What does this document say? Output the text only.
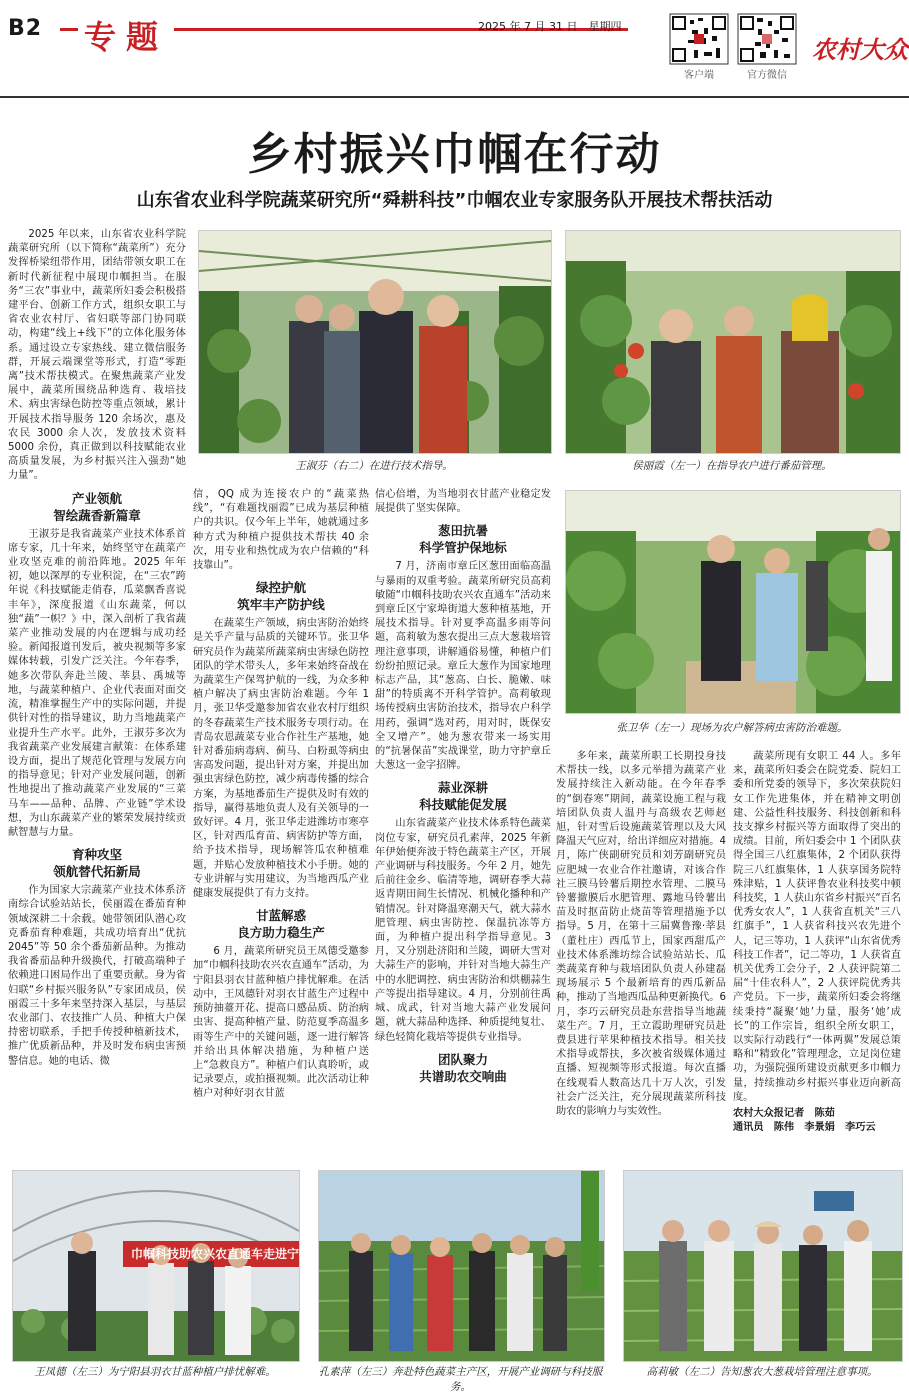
B2 专题	2025 年 7 月 31 日　星期四
客户端	官方微信
农村大众
乡村振兴巾帼在行动
山东省农业科学院蔬菜研究所“舜耕科技”巾帼农业专家服务队开展技术帮扶活动
王淑芬（右二）在进行技术指导。	侯丽霞（左一）在指导农户进行番茄管理。
张卫华（左一）现场为农户解答病虫害防治难题。

2025 年以来，山东省农业科学院蔬菜研究所（以下简称“蔬菜所”）充分发挥桥梁纽带作用，团结带领女职工在新时代新征程中展现巾帼担当。在服务“三农”事业中，蔬菜所妇委会积极搭建平台、创新工作方式，组织女职工与省农业农村厅、省妇联等部门协同联动，构建“线上+线下”的立体化服务体系。通过设立专家热线、建立微信服务群，开展云端课堂等形式，打造“零距离”技术帮扶模式。在聚焦蔬菜产业发展中，蔬菜所围绕品种选育、栽培技术、病虫害绿色防控等重点领域，累计开展技术指导服务 120 余场次，惠及农民 3000 余人次，发放技术资料 5000 余份，真正做到以科技赋能农业高质量发展，为乡村振兴注入强劲“她力量”。

产业领航
智绘蔬香新篇章

王淑芬是我省蔬菜产业技术体系首席专家，几十年来，始终坚守在蔬菜产业攻坚克难的前沿阵地。2025 年年初，她以深厚的专业积淀，在“三农”跨年说《科技赋能走俏春，瓜菜飘香喜说丰年》，深度报道《山东蔬菜，何以独“蔬”一帜？》中，深入剖析了我省蔬菜产业推动发展的内在逻辑与成功经验。新闻报道刊发后，被央视频等多家媒体转载，引发广泛关注。今年春季，她多次带队奔赴兰陵、莘县、禹城等地，与蔬菜种植户、企业代表面对面交流，精准掌握生产中的实际问题，并提供针对性的指导建议，助力当地蔬菜产业提升生产水平。此外，王淑芬多次为我省蔬菜产业发展建言献策：在体系建设方面，提出了规范化管理与发展方向的指导意见；针对产业发展问题，创新性地提出了推动蔬菜产业发展的“三菜马车——品种、品牌、产业链”学术设想，为山东蔬菜产业的繁荣发展持续贡献智慧与力量。

育种攻坚
领航替代拓新局

作为国家大宗蔬菜产业技术体系济南综合试验站站长，侯丽霞在番茄育种领域深耕二十余载。她带领团队潜心攻克番茄育种难题，共成功培育出“优抗 2045”等 50 余个番茄新品种。为推动我省番茄品种升级换代，打破高端种子依赖进口困局作出了重要贡献。身为省妇联“乡村振兴服务队”专家团成员，侯丽霞三十多年来坚持深入基层，与基层农业部门、农技推广人员、种植大户保持密切联系，手把手传授种植新技术，推广优质新品种，并及时发布病虫害预警信息。她的电话、微

信，QQ 成为连接农户的“蔬菜热线”，“有难题找丽霞”已成为基层种植户的共识。仅今年上半年，她就通过多种方式为种植户提供技术帮扶 40 余次，用专业和热忱成为农户信赖的“科技靠山”。

绿控护航
筑牢丰产防护线

在蔬菜生产领域，病虫害防治始终是关乎产量与品质的关键环节。张卫华研究员作为蔬菜所蔬菜病虫害绿色防控团队的学术带头人，多年来始终奋战在为蔬菜生产保驾护航的一线，为众多种植户解决了病虫害防治难题。今年 1 月，张卫华受邀参加省农业农村厅组织的冬春蔬菜生产技术服务专项行动。在青岛农恩蔬菜专业合作社生产基地，她针对番茄病毒病、蓟马、白粉虱等病虫害高发问题，提出针对方案，并提出加强虫害绿色防控，减少病毒传播的综合方案，为基地番茄生产提供及时有效的指导，赢得基地负责人及有关领导的一致好评。4 月，张卫华走进潍坊市寒亭区，针对西瓜育苗、病害防护等方面，给予技术指导，现场解答瓜农种植难题，并贴心发放种植技术小手册。她的专业讲解与实用建议，为当地西瓜产业健康发展提供了有力支持。

甘蓝解惑
良方助力稳生产

6 月，蔬菜所研究员王凤德受邀参加“巾帼科技助农兴农直通车”活动，为宁阳县羽衣甘蓝种植户排忧解难。在活动中，王凤德针对羽衣甘蓝生产过程中预防抽薹开花、提高口感品质、防治病虫害、提高种植产量、防范夏季高温多雨等生产中的关键问题，逐一进行解答并给出具体解决措施，为种植户送上“急救良方”。种植户们认真聆听，或记录要点，或拍摄视频。此次活动让种植户对种好羽衣甘蓝

信心倍增，为当地羽衣甘蓝产业稳定发展提供了坚实保障。

葱田抗暑
科学管护保地标

7 月，济南市章丘区葱田面临高温与暴雨的双重考验。蔬菜所研究员高莉敏随“巾帼科技助农兴农直通车”活动来到章丘区宁家埠街道大葱种植基地，开展技术指导。针对夏季高温多雨等问题，高莉敏为葱农提出三点大葱栽培管理注意事项，讲解通俗易懂，种植户们纷纷拍照记录。章丘大葱作为国家地理标志产品，其“葱高、白长、脆嫩、味甜”的特质离不开科学管护。高莉敏现场传授病虫害防治技术，指导农户科学用药，强调“选对药，用对时，既保安全又增产”。她为葱农带来一场实用的“抗暑保苗”实战课堂，助力守护章丘大葱这一金字招牌。

蒜业深耕
科技赋能促发展

山东省蔬菜产业技术体系特色蔬菜岗位专家，研究员孔素萍，2025 年新年伊始便奔波于特色蔬菜主产区，开展产业调研与科技服务。今年 2 月，她先后前往金乡、临清等地，调研春季大蒜返青期田间生长情况、机械化播种和产销情况。针对降温寒潮天气，就大蒜水肥管理、病虫害防控、保温抗冻等方面，为种植户提出科学指导意见。3 月，又分别赴济阳和兰陵，调研大雪对大蒜生产的影响，并针对当地大蒜生产中的水肥调控、病虫害防治和烘棚蒜生产等提出指导建议。4 月，分别前往禹城、成武，针对当地大蒜产业发展问题，就大蒜品种选择、种质提纯复壮、绿色轻简化栽培等提供专业指导。

团队聚力
共谱助农交响曲

多年来，蔬菜所职工长期投身技术帮扶一线，以多元举措为蔬菜产业发展持续注入新动能。在今年春季的“倒春寒”期间，蔬菜设施工程与栽培团队负责人温丹与高级农艺师赵旭，针对雪后设施蔬菜管理以及大风降温天气应对，给出详细应对措施。4 月，陈广侠副研究员和刘芳副研究员应肥城一农业合作社邀请，对该合作社三膜马铃薯后期控水管理、二膜马铃薯撤膜后水肥管理、露地马铃薯出苗及时抠苗防止烧苗等管理措施予以指导。5 月，在第十三届冀鲁豫·莘县（董杜庄）西瓜节上，国家西甜瓜产业技术体系潍坊综合试验站站长、瓜类蔬菜育种与栽培团队负责人孙建磊现场展示 5 个最新培育的西瓜新品种，推动了当地西瓜品种更新换代。6 月，李巧云研究员赴东营指导当地蔬菜生产。7 月，王立霞助理研究员赴费县进行苹果种植技术指导。相关技术指导或帮扶，多次被省级媒体通过直播、短视频等形式报道。每次直播在线观看人数高达几十万人次，引发社会广泛关注，充分展现蔬菜所科技助农的影响力与实效性。

蔬菜所现有女职工 44 人。多年来，蔬菜所妇委会在院党委、院妇工委和所党委的领导下，多次荣获院妇女工作先进集体，并在精神文明创建、公益性科技服务、科技创新和科技支撑乡村振兴等方面取得了突出的成绩。目前，所妇委会中 1 个团队获得全国三八红旗集体，2 个团队获得院三八红旗集体，1 人获享国务院特殊津贴，1 人获评鲁农业科技奖中顿科技奖，1 人获山东省乡村振兴“百名优秀女农人”，1 人获省直机关“三八红旗手”，1 人获省科技兴农先进个人，记三等功，1 人获评“山东省优秀科技工作者”，记二等功，1 人获省直机关优秀工会分子，2 人获评院第二届“十佳农科人”，2 人获评院优秀共产党员。下一步，蔬菜所妇委会将继续秉持“凝聚‘她’力量，服务‘她’成长”的工作宗旨，组织全所女职工，以实际行动践行“一体两翼”发展总策略和“精致化”管理理念，立足岗位建功，为强院强所建设贡献更多巾帼力量，持续推动乡村振兴事业迈向新高度。

农村大众报记者　陈茹

通讯员　陈伟　李景娟　李巧云

巾帼科技助农兴农直通车走进宁阳
王凤德（左三）为宁阳县羽衣甘蓝种植户排忧解难。	孔素萍（左三）奔赴特色蔬菜主产区，开展产业调研与科技服务。
高莉敏（左二）告知葱农大葱栽培管理注意事项。
